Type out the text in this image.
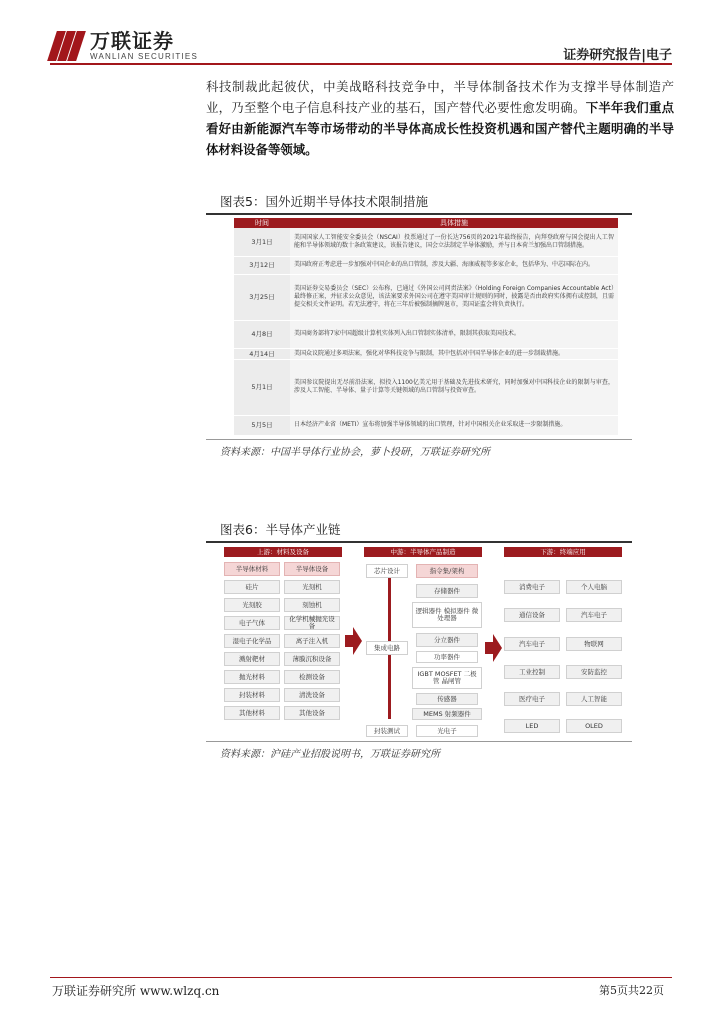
万联证券
WANLIAN SECURITIES	证券研究报告|电子
科技制裁此起彼伏，中美战略科技竞争中，半导体制备技术作为支撑半导体制造产业，乃至整个电子信息科技产业的基石，国产替代必要性愈发明确。下半年我们重点看好由新能源汽车等市场带动的半导体高成长性投资机遇和国产替代主题明确的半导体材料设备等领域。
图表5：国外近期半导体技术限制措施
时间	具体措施
3月1日	美国国家人工智能安全委员会（NSCAI）投票通过了一份长达756页的2021年最终报告，向拜登政府与国会提出人工智能和半导体领域的数十条政策建议，该报告建议，国会立法制定半导体激励，并与日本荷兰加强出口管制措施。
3月12日	美国政府正考虑进一步加强对中国企业的出口管制，涉及大疆、海康威视等多家企业，包括华为、中芯国际在内。
3月25日	美国证券交易委员会（SEC）公布称，已通过《外国公司问责法案》（Holding Foreign Companies Accountable Act）最终修正案，并征求公众意见，该法案要求外国公司在遵守美国审计规则的同时，披露是否由政府实体拥有或控制，且需提交相关文件证明。若无法遵守，将在三年后被强制摘牌退市，美国证监会将负责执行。
4月8日	美国商务部将7家中国超级计算机实体列入出口管制实体清单，限制其获取美国技术。
4月14日	美国众议院通过多项法案，强化对华科技竞争与限制，其中包括对中国半导体企业的进一步制裁措施。
5月1日	美国参议院提出无尽前沿法案，拟投入1100亿美元用于基础及先进技术研究，同时加强对中国科技企业的限制与审查，涉及人工智能、半导体、量子计算等关键领域的出口管制与投资审查。
5月5日	日本经济产业省（METI）宣布将加强半导体领域的出口管理，针对中国相关企业采取进一步限制措施。
资料来源：中国半导体行业协会，萝卜投研，万联证券研究所
图表6：半导体产业链
上游：材料及设备	中游：半导体产品制造	下游：终端应用
半导体材料	半导体设备
硅片	光刻机
光刻胶	刻蚀机
电子气体	化学机械抛光设备
湿电子化学品	离子注入机
溅射靶材	薄膜沉积设备
抛光材料	检测设备
封装材料	清洗设备
其他材料	其他设备
芯片设计	指令集/架构
集成电路
存储器件
逻辑器件 模拟器件 微处理器
分立器件
功率器件
IGBT MOSFET 二极管 晶闸管
传感器
MEMS 射频器件
封装测试	光电子
消费电子	个人电脑
通信设备	汽车电子
汽车电子	物联网
工业控制	安防监控
医疗电子	人工智能
LED	OLED
资料来源：沪硅产业招股说明书，万联证券研究所
万联证券研究所 www.wlzq.cn	第5页共22页
